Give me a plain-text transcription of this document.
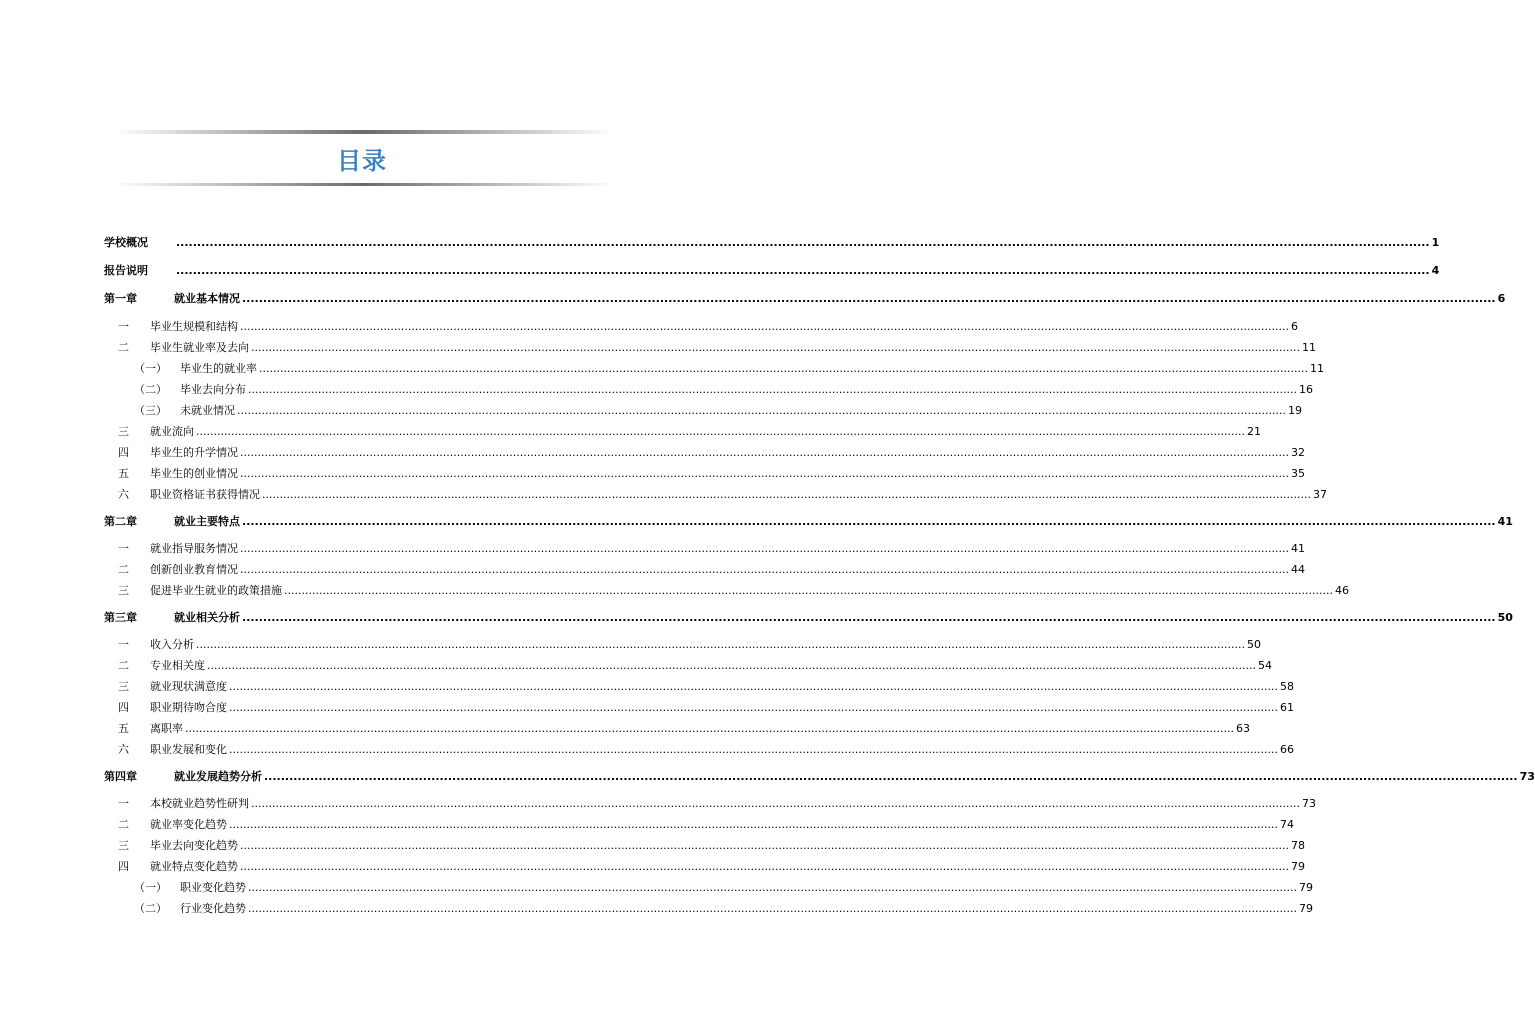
目录
学校概况	............................................................................................................................................................................................................................................................................................................ 1
报告说明	............................................................................................................................................................................................................................................................................................................ 4
第一章	就业基本情况 ............................................................................................................................................................................................................................................................................................................ 6
一	毕业生规模和结构 ............................................................................................................................................................................................................................................................................................................ 6
二	毕业生就业率及去向 ............................................................................................................................................................................................................................................................................................................ 11
（一）	毕业生的就业率 ............................................................................................................................................................................................................................................................................................................ 11
（二）	毕业去向分布 ............................................................................................................................................................................................................................................................................................................ 16
（三）	未就业情况 ............................................................................................................................................................................................................................................................................................................ 19
三	就业流向 ............................................................................................................................................................................................................................................................................................................ 21
四	毕业生的升学情况 ............................................................................................................................................................................................................................................................................................................ 32
五	毕业生的创业情况 ............................................................................................................................................................................................................................................................................................................ 35
六	职业资格证书获得情况 ............................................................................................................................................................................................................................................................................................................ 37
第二章	就业主要特点 ............................................................................................................................................................................................................................................................................................................ 41
一	就业指导服务情况 ............................................................................................................................................................................................................................................................................................................ 41
二	创新创业教育情况 ............................................................................................................................................................................................................................................................................................................ 44
三	促进毕业生就业的政策措施 ............................................................................................................................................................................................................................................................................................................ 46
第三章	就业相关分析 ............................................................................................................................................................................................................................................................................................................ 50
一	收入分析 ............................................................................................................................................................................................................................................................................................................ 50
二	专业相关度 ............................................................................................................................................................................................................................................................................................................ 54
三	就业现状满意度 ............................................................................................................................................................................................................................................................................................................ 58
四	职业期待吻合度 ............................................................................................................................................................................................................................................................................................................ 61
五	离职率 ............................................................................................................................................................................................................................................................................................................ 63
六	职业发展和变化 ............................................................................................................................................................................................................................................................................................................ 66
第四章	就业发展趋势分析 ............................................................................................................................................................................................................................................................................................................ 73
一	本校就业趋势性研判 ............................................................................................................................................................................................................................................................................................................ 73
二	就业率变化趋势 ............................................................................................................................................................................................................................................................................................................ 74
三	毕业去向变化趋势 ............................................................................................................................................................................................................................................................................................................ 78
四	就业特点变化趋势 ............................................................................................................................................................................................................................................................................................................ 79
（一）	职业变化趋势 ............................................................................................................................................................................................................................................................................................................ 79
（二）	行业变化趋势 ............................................................................................................................................................................................................................................................................................................ 79
